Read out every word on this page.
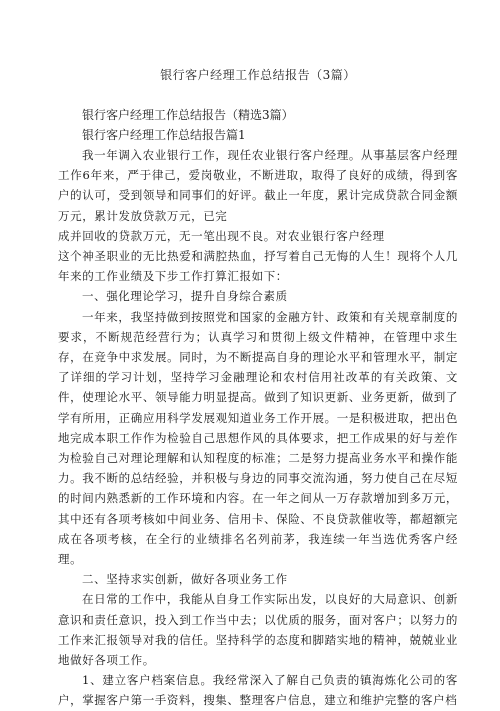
银行客户经理工作总结报告（3篇）

银行客户经理工作总结报告（精选3篇）

银行客户经理工作总结报告篇1

我一年调入农业银行工作，现任农业银行客户经理。从事基层客户经理工作6年来，严于律己，爱岗敬业，不断进取，取得了良好的成绩，得到客户的认可，受到领导和同事们的好评。截止一年度，累计完成贷款合同金额万元，累计发放贷款万元，已完

成并回收的贷款万元，无一笔出现不良。对农业银行客户经理

这个神圣职业的无比热爱和满腔热血，抒写着自己无悔的人生！现将个人几年来的工作业绩及下步工作打算汇报如下：

一、强化理论学习，提升自身综合素质

一年来，我坚持做到按照党和国家的金融方针、政策和有关规章制度的要求，不断规范经营行为；认真学习和贯彻上级文件精神，在管理中求生存，在竞争中求发展。同时，为不断提高自身的理论水平和管理水平，制定了详细的学习计划，坚持学习金融理论和农村信用社改革的有关政策、文件，使理论水平、领导能力明显提高。做到了知识更新、业务更新，做到了学有所用，正确应用科学发展观知道业务工作开展。一是积极进取，把出色地完成本职工作作为检验自己思想作风的具体要求，把工作成果的好与差作为检验自己对理论理解和认知程度的标准；二是努力提高业务水平和操作能力。我不断的总结经验，并积极与身边的同事交流沟通，努力使自己在尽短的时间内熟悉新的工作环境和内容。在一年之间从一万存款增加到多万元，其中还有各项考核如中间业务、信用卡、保险、不良贷款催收等，都超额完成在各项考核，在全行的业绩排名名列前茅，我连续一年当选优秀客户经理。

二、坚持求实创新，做好各项业务工作

在日常的工作中，我能从自身工作实际出发，以良好的大局意识、创新意识和责任意识，投入到工作当中去；以优质的服务，面对客户；以努力的工作来汇报领导对我的信任。坚持科学的态度和脚踏实地的精神，兢兢业业地做好各项工作。

1、建立客户档案信息。我经常深入了解自己负责的镇海炼化公司的客户，掌握客户第一手资料，搜集、整理客户信息，建立和维护完整的客户档
